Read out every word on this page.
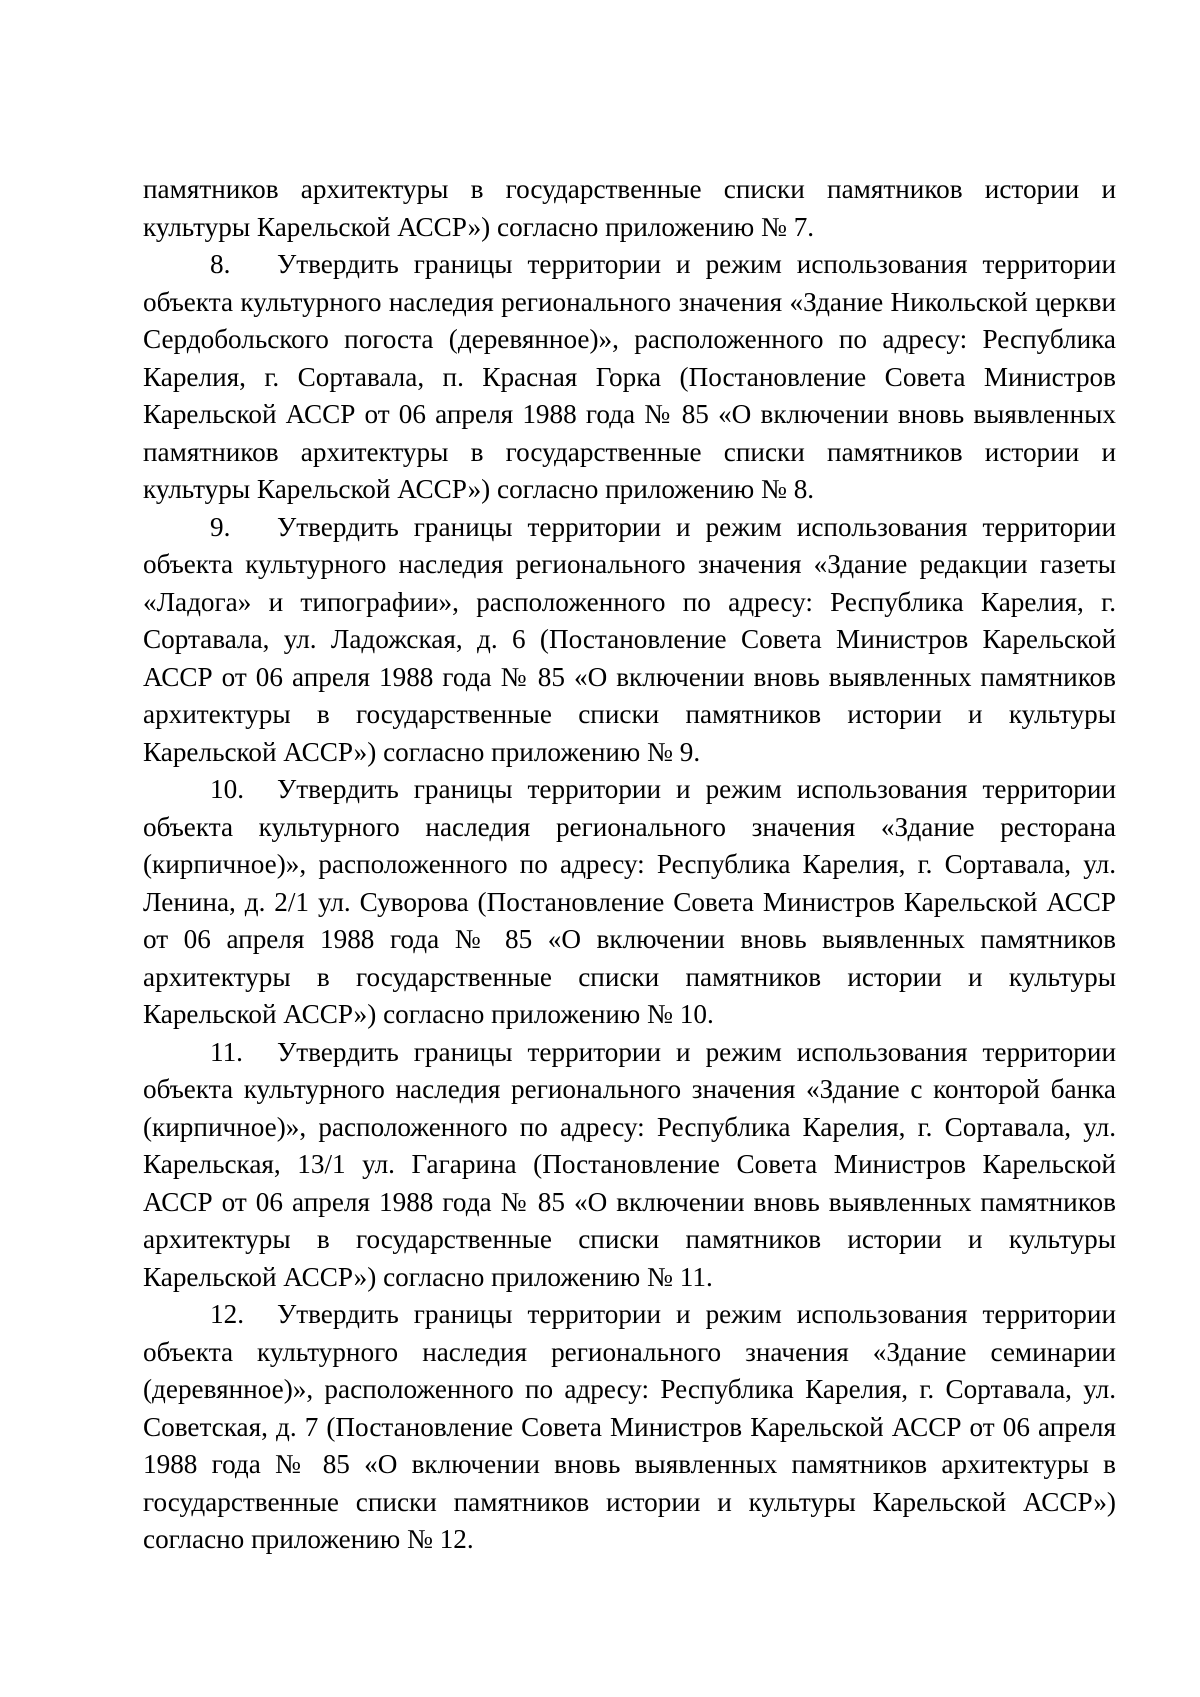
памятников архитектуры в государственные списки памятников истории и культуры Карельской АССР») согласно приложению № 7.

8. Утвердить границы территории и режим использования территории объекта культурного наследия регионального значения «Здание Никольской церкви Сердобольского погоста (деревянное)», расположенного по адресу: Республика Карелия, г. Сортавала, п. Красная Горка (Постановление Совета Министров Карельской АССР от 06 апреля 1988 года № 85 «О включении вновь выявленных памятников архитектуры в государственные списки памятников истории и культуры Карельской АССР») согласно приложению № 8.

9. Утвердить границы территории и режим использования территории объекта культурного наследия регионального значения «Здание редакции газеты «Ладога» и типографии», расположенного по адресу: Республика Карелия, г. Сортавала, ул. Ладожская, д. 6 (Постановление Совета Министров Карельской АССР от 06 апреля 1988 года № 85 «О включении вновь выявленных памятников архитектуры в государственные списки памятников истории и культуры Карельской АССР») согласно приложению № 9.

10. Утвердить границы территории и режим использования территории объекта культурного наследия регионального значения «Здание ресторана (кирпичное)», расположенного по адресу: Республика Карелия, г. Сортавала, ул. Ленина, д. 2/1 ул. Суворова (Постановление Совета Министров Карельской АССР от 06 апреля 1988 года № 85 «О включении вновь выявленных памятников архитектуры в государственные списки памятников истории и культуры Карельской АССР») согласно приложению № 10.

11. Утвердить границы территории и режим использования территории объекта культурного наследия регионального значения «Здание с конторой банка (кирпичное)», расположенного по адресу: Республика Карелия, г. Сортавала, ул. Карельская, 13/1 ул. Гагарина (Постановление Совета Министров Карельской АССР от 06 апреля 1988 года № 85 «О включении вновь выявленных памятников архитектуры в государственные списки памятников истории и культуры Карельской АССР») согласно приложению № 11.

12. Утвердить границы территории и режим использования территории объекта культурного наследия регионального значения «Здание семинарии (деревянное)», расположенного по адресу: Республика Карелия, г. Сортавала, ул. Советская, д. 7 (Постановление Совета Министров Карельской АССР от 06 апреля 1988 года № 85 «О включении вновь выявленных памятников архитектуры в государственные списки памятников истории и культуры Карельской АССР») согласно приложению № 12.
